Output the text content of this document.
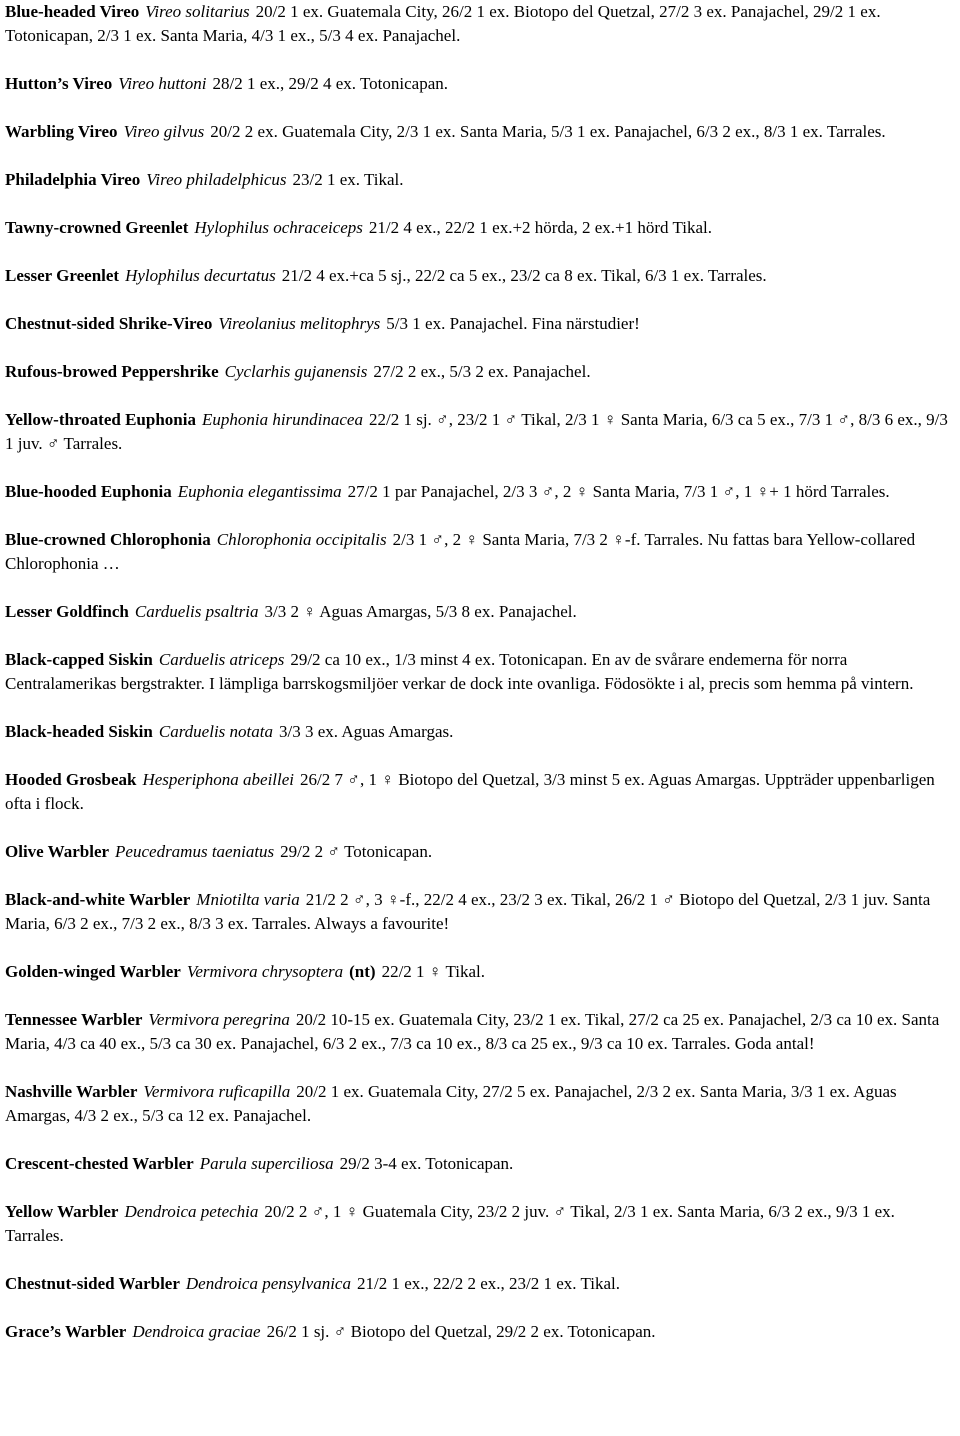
Blue-headed Vireo Vireo solitarius 20/2 1 ex. Guatemala City, 26/2 1 ex. Biotopo del Quetzal, 27/2 3 ex. Panajachel, 29/2 1 ex. Totonicapan, 2/3 1 ex. Santa Maria, 4/3 1 ex., 5/3 4 ex. Panajachel.

Hutton’s Vireo Vireo huttoni 28/2 1 ex., 29/2 4 ex. Totonicapan.

Warbling Vireo Vireo gilvus 20/2 2 ex. Guatemala City, 2/3 1 ex. Santa Maria, 5/3 1 ex. Panajachel, 6/3 2 ex., 8/3 1 ex. Tarrales.

Philadelphia Vireo Vireo philadelphicus 23/2 1 ex. Tikal.

Tawny-crowned Greenlet Hylophilus ochraceiceps 21/2 4 ex., 22/2 1 ex.+2 hörda, 2 ex.+1 hörd Tikal.

Lesser Greenlet Hylophilus decurtatus 21/2 4 ex.+ca 5 sj., 22/2 ca 5 ex., 23/2 ca 8 ex. Tikal, 6/3 1 ex. Tarrales.

Chestnut-sided Shrike-Vireo Vireolanius melitophrys 5/3 1 ex. Panajachel. Fina närstudier!

Rufous-browed Peppershrike Cyclarhis gujanensis 27/2 2 ex., 5/3 2 ex. Panajachel.

Yellow-throated Euphonia Euphonia hirundinacea 22/2 1 sj. ♂, 23/2 1 ♂ Tikal, 2/3 1 ♀ Santa Maria, 6/3 ca 5 ex., 7/3 1 ♂, 8/3 6 ex., 9/3 1 juv. ♂ Tarrales.

Blue-hooded Euphonia Euphonia elegantissima 27/2 1 par Panajachel, 2/3 3 ♂, 2 ♀ Santa Maria, 7/3 1 ♂, 1 ♀+ 1 hörd Tarrales.

Blue-crowned Chlorophonia Chlorophonia occipitalis 2/3 1 ♂, 2 ♀ Santa Maria, 7/3 2 ♀-f. Tarrales. Nu fattas bara Yellow-collared Chlorophonia …

Lesser Goldfinch Carduelis psaltria 3/3 2 ♀ Aguas Amargas, 5/3 8 ex. Panajachel.

Black-capped Siskin Carduelis atriceps 29/2 ca 10 ex., 1/3 minst 4 ex. Totonicapan. En av de svårare endemerna för norra Centralamerikas bergstrakter. I lämpliga barrskogsmiljöer verkar de dock inte ovanliga. Födosökte i al, precis som hemma på vintern.

Black-headed Siskin Carduelis notata 3/3 3 ex. Aguas Amargas.

Hooded Grosbeak Hesperiphona abeillei 26/2 7 ♂, 1 ♀ Biotopo del Quetzal, 3/3 minst 5 ex. Aguas Amargas. Uppträder uppenbarligen ofta i flock.

Olive Warbler Peucedramus taeniatus 29/2 2 ♂ Totonicapan.

Black-and-white Warbler Mniotilta varia 21/2 2 ♂, 3 ♀-f., 22/2 4 ex., 23/2 3 ex. Tikal, 26/2 1 ♂ Biotopo del Quetzal, 2/3 1 juv. Santa Maria, 6/3 2 ex., 7/3 2 ex., 8/3 3 ex. Tarrales. Always a favourite!

Golden-winged Warbler Vermivora chrysoptera (nt) 22/2 1 ♀ Tikal.

Tennessee Warbler Vermivora peregrina 20/2 10-15 ex. Guatemala City, 23/2 1 ex. Tikal, 27/2 ca 25 ex. Panajachel, 2/3 ca 10 ex. Santa Maria, 4/3 ca 40 ex., 5/3 ca 30 ex. Panajachel, 6/3 2 ex., 7/3 ca 10 ex., 8/3 ca 25 ex., 9/3 ca 10 ex. Tarrales. Goda antal!

Nashville Warbler Vermivora ruficapilla 20/2 1 ex. Guatemala City, 27/2 5 ex. Panajachel, 2/3 2 ex. Santa Maria, 3/3 1 ex. Aguas Amargas, 4/3 2 ex., 5/3 ca 12 ex. Panajachel.

Crescent-chested Warbler Parula superciliosa 29/2 3-4 ex. Totonicapan.

Yellow Warbler Dendroica petechia 20/2 2 ♂, 1 ♀ Guatemala City, 23/2 2 juv. ♂ Tikal, 2/3 1 ex. Santa Maria, 6/3 2 ex., 9/3 1 ex. Tarrales.

Chestnut-sided Warbler Dendroica pensylvanica 21/2 1 ex., 22/2 2 ex., 23/2 1 ex. Tikal.

Grace’s Warbler Dendroica graciae 26/2 1 sj. ♂ Biotopo del Quetzal, 29/2 2 ex. Totonicapan.
